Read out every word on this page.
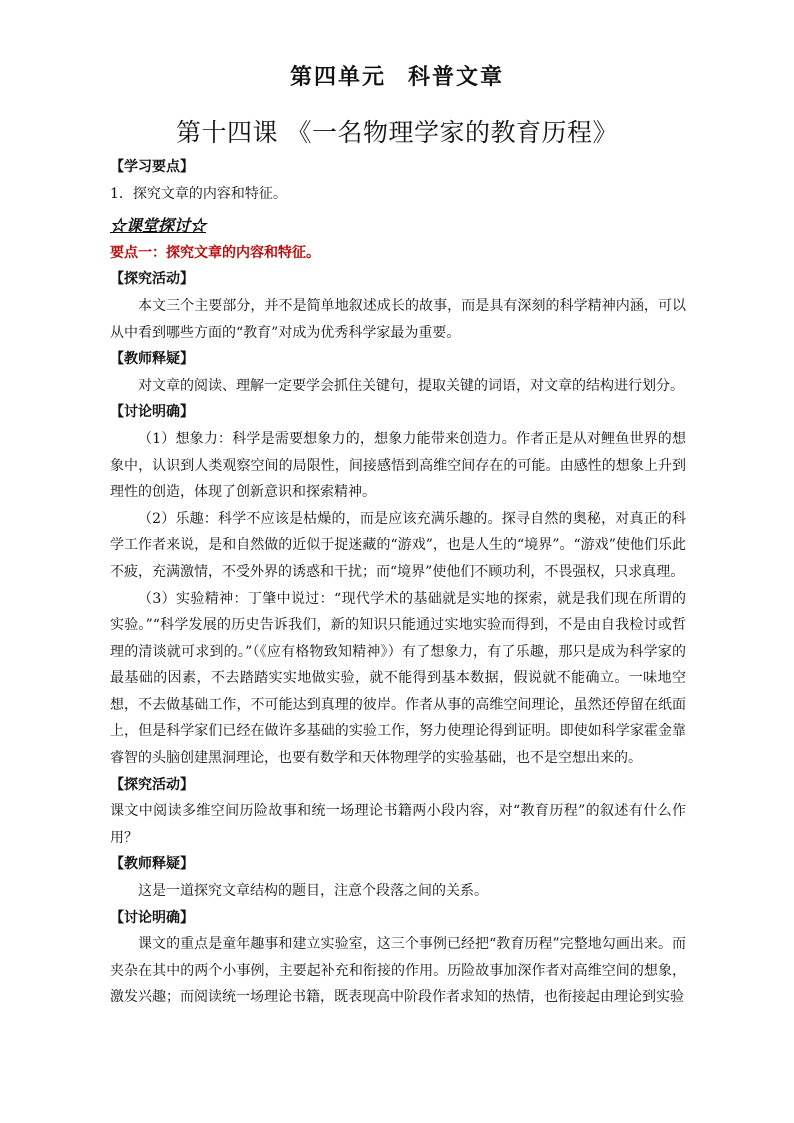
第四单元 科普文章
第十四课 《一名物理学家的教育历程》

【学习要点】

1．探究文章的内容和特征。

☆课堂探讨☆

要点一：探究文章的内容和特征。

【探究活动】

本文三个主要部分，并不是简单地叙述成长的故事，而是具有深刻的科学精神内涵，可以从中看到哪些方面的“教育”对成为优秀科学家最为重要。

【教师释疑】

对文章的阅读、理解一定要学会抓住关键句，提取关键的词语，对文章的结构进行划分。

【讨论明确】

（1）想象力：科学是需要想象力的，想象力能带来创造力。作者正是从对鲤鱼世界的想象中，认识到人类观察空间的局限性，间接感悟到高维空间存在的可能。由感性的想象上升到理性的创造，体现了创新意识和探索精神。

（2）乐趣：科学不应该是枯燥的，而是应该充满乐趣的。探寻自然的奥秘，对真正的科学工作者来说，是和自然做的近似于捉迷藏的“游戏”，也是人生的“境界”。“游戏”使他们乐此不疲，充满激情，不受外界的诱惑和干扰；而“境界”使他们不顾功利，不畏强权，只求真理。

（3）实验精神：丁肇中说过：“现代学术的基础就是实地的探索，就是我们现在所谓的实验。”“科学发展的历史告诉我们，新的知识只能通过实地实验而得到，不是由自我检讨或哲理的清谈就可求到的。”（《应有格物致知精神》）有了想象力，有了乐趣，那只是成为科学家的最基础的因素，不去踏踏实实地做实验，就不能得到基本数据，假说就不能确立。一味地空想，不去做基础工作，不可能达到真理的彼岸。作者从事的高维空间理论，虽然还停留在纸面上，但是科学家们已经在做许多基础的实验工作，努力使理论得到证明。即使如科学家霍金靠睿智的头脑创建黑洞理论，也要有数学和天体物理学的实验基础，也不是空想出来的。

【探究活动】

课文中阅读多维空间历险故事和统一场理论书籍两小段内容，对“教育历程”的叙述有什么作用？

【教师释疑】

这是一道探究文章结构的题目，注意个段落之间的关系。

【讨论明确】

课文的重点是童年趣事和建立实验室，这三个事例已经把“教育历程”完整地勾画出来。而夹杂在其中的两个小事例，主要起补充和衔接的作用。历险故事加深作者对高维空间的想象，激发兴趣；而阅读统一场理论书籍，既表现高中阶段作者求知的热情，也衔接起由理论到实验
